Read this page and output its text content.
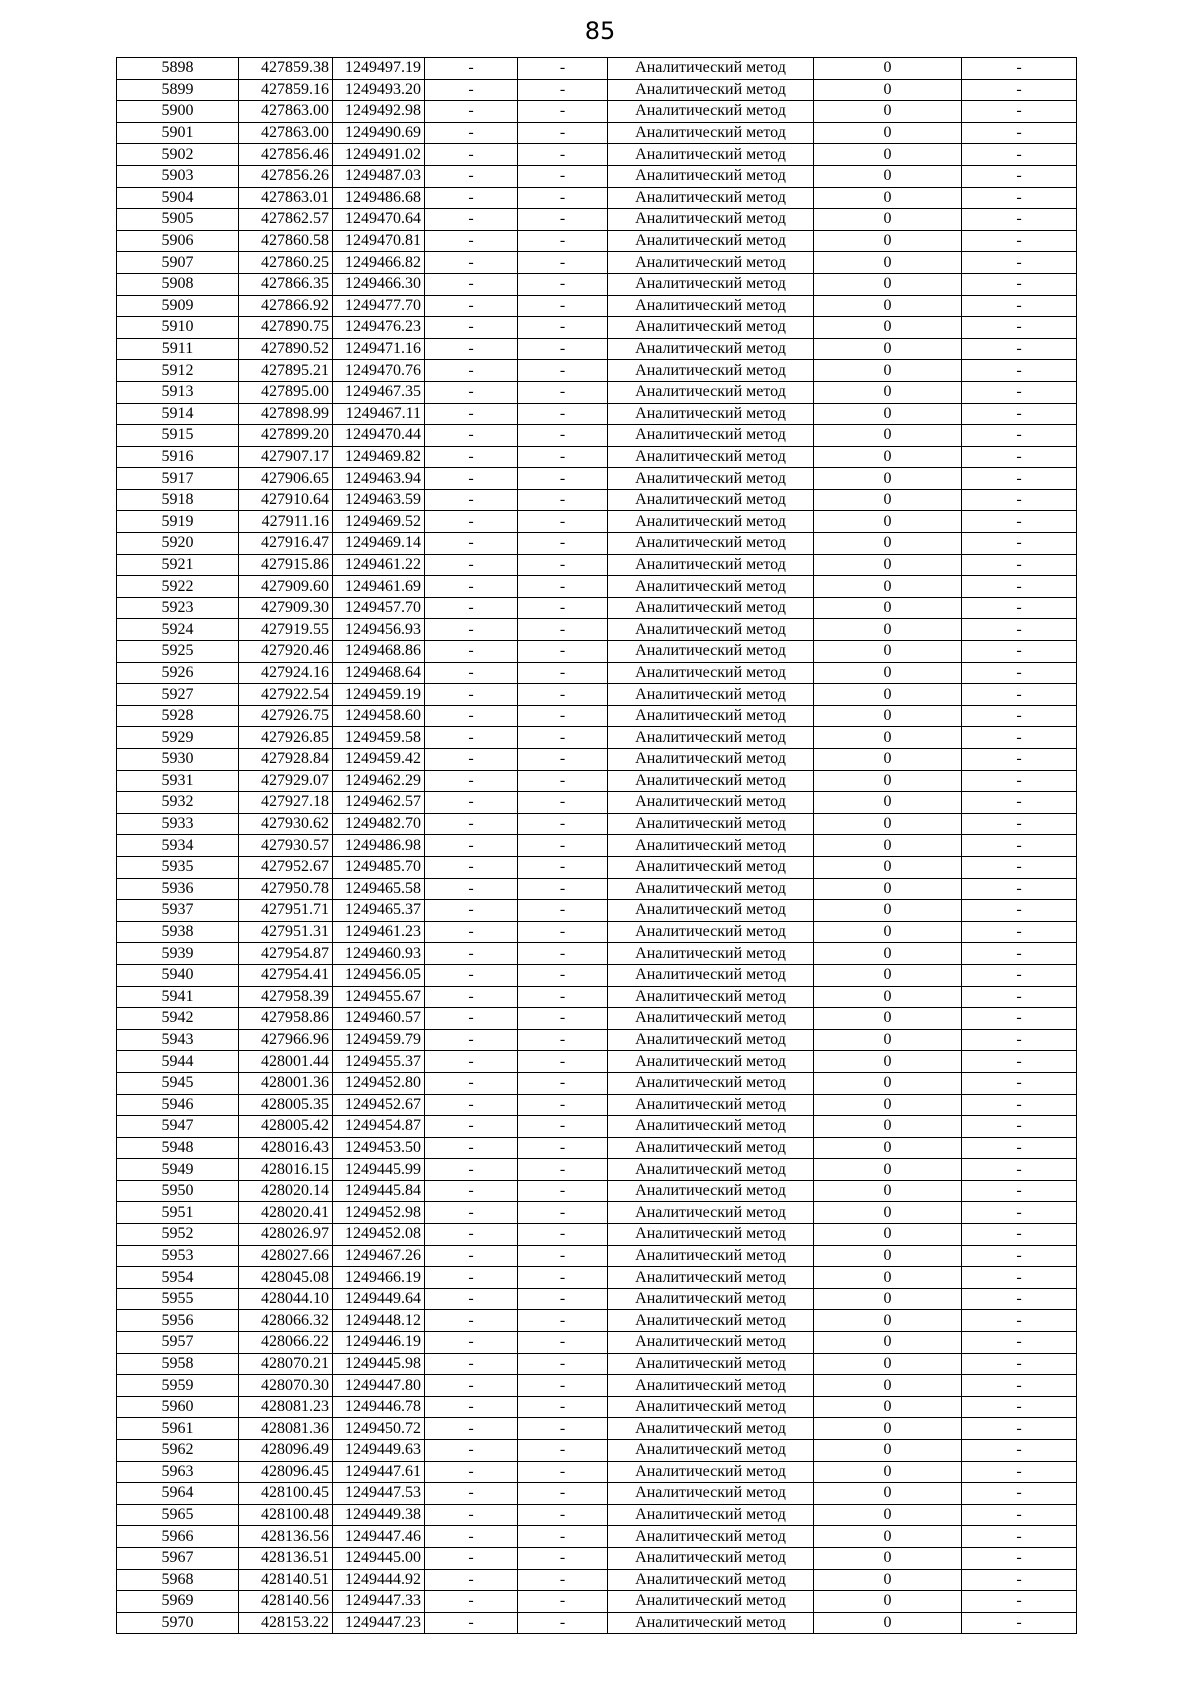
85
5898	427859.38	1249497.19	-	-	Аналитический метод	0	-
5899	427859.16	1249493.20	-	-	Аналитический метод	0	-
5900	427863.00	1249492.98	-	-	Аналитический метод	0	-
5901	427863.00	1249490.69	-	-	Аналитический метод	0	-
5902	427856.46	1249491.02	-	-	Аналитический метод	0	-
5903	427856.26	1249487.03	-	-	Аналитический метод	0	-
5904	427863.01	1249486.68	-	-	Аналитический метод	0	-
5905	427862.57	1249470.64	-	-	Аналитический метод	0	-
5906	427860.58	1249470.81	-	-	Аналитический метод	0	-
5907	427860.25	1249466.82	-	-	Аналитический метод	0	-
5908	427866.35	1249466.30	-	-	Аналитический метод	0	-
5909	427866.92	1249477.70	-	-	Аналитический метод	0	-
5910	427890.75	1249476.23	-	-	Аналитический метод	0	-
5911	427890.52	1249471.16	-	-	Аналитический метод	0	-
5912	427895.21	1249470.76	-	-	Аналитический метод	0	-
5913	427895.00	1249467.35	-	-	Аналитический метод	0	-
5914	427898.99	1249467.11	-	-	Аналитический метод	0	-
5915	427899.20	1249470.44	-	-	Аналитический метод	0	-
5916	427907.17	1249469.82	-	-	Аналитический метод	0	-
5917	427906.65	1249463.94	-	-	Аналитический метод	0	-
5918	427910.64	1249463.59	-	-	Аналитический метод	0	-
5919	427911.16	1249469.52	-	-	Аналитический метод	0	-
5920	427916.47	1249469.14	-	-	Аналитический метод	0	-
5921	427915.86	1249461.22	-	-	Аналитический метод	0	-
5922	427909.60	1249461.69	-	-	Аналитический метод	0	-
5923	427909.30	1249457.70	-	-	Аналитический метод	0	-
5924	427919.55	1249456.93	-	-	Аналитический метод	0	-
5925	427920.46	1249468.86	-	-	Аналитический метод	0	-
5926	427924.16	1249468.64	-	-	Аналитический метод	0	-
5927	427922.54	1249459.19	-	-	Аналитический метод	0	-
5928	427926.75	1249458.60	-	-	Аналитический метод	0	-
5929	427926.85	1249459.58	-	-	Аналитический метод	0	-
5930	427928.84	1249459.42	-	-	Аналитический метод	0	-
5931	427929.07	1249462.29	-	-	Аналитический метод	0	-
5932	427927.18	1249462.57	-	-	Аналитический метод	0	-
5933	427930.62	1249482.70	-	-	Аналитический метод	0	-
5934	427930.57	1249486.98	-	-	Аналитический метод	0	-
5935	427952.67	1249485.70	-	-	Аналитический метод	0	-
5936	427950.78	1249465.58	-	-	Аналитический метод	0	-
5937	427951.71	1249465.37	-	-	Аналитический метод	0	-
5938	427951.31	1249461.23	-	-	Аналитический метод	0	-
5939	427954.87	1249460.93	-	-	Аналитический метод	0	-
5940	427954.41	1249456.05	-	-	Аналитический метод	0	-
5941	427958.39	1249455.67	-	-	Аналитический метод	0	-
5942	427958.86	1249460.57	-	-	Аналитический метод	0	-
5943	427966.96	1249459.79	-	-	Аналитический метод	0	-
5944	428001.44	1249455.37	-	-	Аналитический метод	0	-
5945	428001.36	1249452.80	-	-	Аналитический метод	0	-
5946	428005.35	1249452.67	-	-	Аналитический метод	0	-
5947	428005.42	1249454.87	-	-	Аналитический метод	0	-
5948	428016.43	1249453.50	-	-	Аналитический метод	0	-
5949	428016.15	1249445.99	-	-	Аналитический метод	0	-
5950	428020.14	1249445.84	-	-	Аналитический метод	0	-
5951	428020.41	1249452.98	-	-	Аналитический метод	0	-
5952	428026.97	1249452.08	-	-	Аналитический метод	0	-
5953	428027.66	1249467.26	-	-	Аналитический метод	0	-
5954	428045.08	1249466.19	-	-	Аналитический метод	0	-
5955	428044.10	1249449.64	-	-	Аналитический метод	0	-
5956	428066.32	1249448.12	-	-	Аналитический метод	0	-
5957	428066.22	1249446.19	-	-	Аналитический метод	0	-
5958	428070.21	1249445.98	-	-	Аналитический метод	0	-
5959	428070.30	1249447.80	-	-	Аналитический метод	0	-
5960	428081.23	1249446.78	-	-	Аналитический метод	0	-
5961	428081.36	1249450.72	-	-	Аналитический метод	0	-
5962	428096.49	1249449.63	-	-	Аналитический метод	0	-
5963	428096.45	1249447.61	-	-	Аналитический метод	0	-
5964	428100.45	1249447.53	-	-	Аналитический метод	0	-
5965	428100.48	1249449.38	-	-	Аналитический метод	0	-
5966	428136.56	1249447.46	-	-	Аналитический метод	0	-
5967	428136.51	1249445.00	-	-	Аналитический метод	0	-
5968	428140.51	1249444.92	-	-	Аналитический метод	0	-
5969	428140.56	1249447.33	-	-	Аналитический метод	0	-
5970	428153.22	1249447.23	-	-	Аналитический метод	0	-
